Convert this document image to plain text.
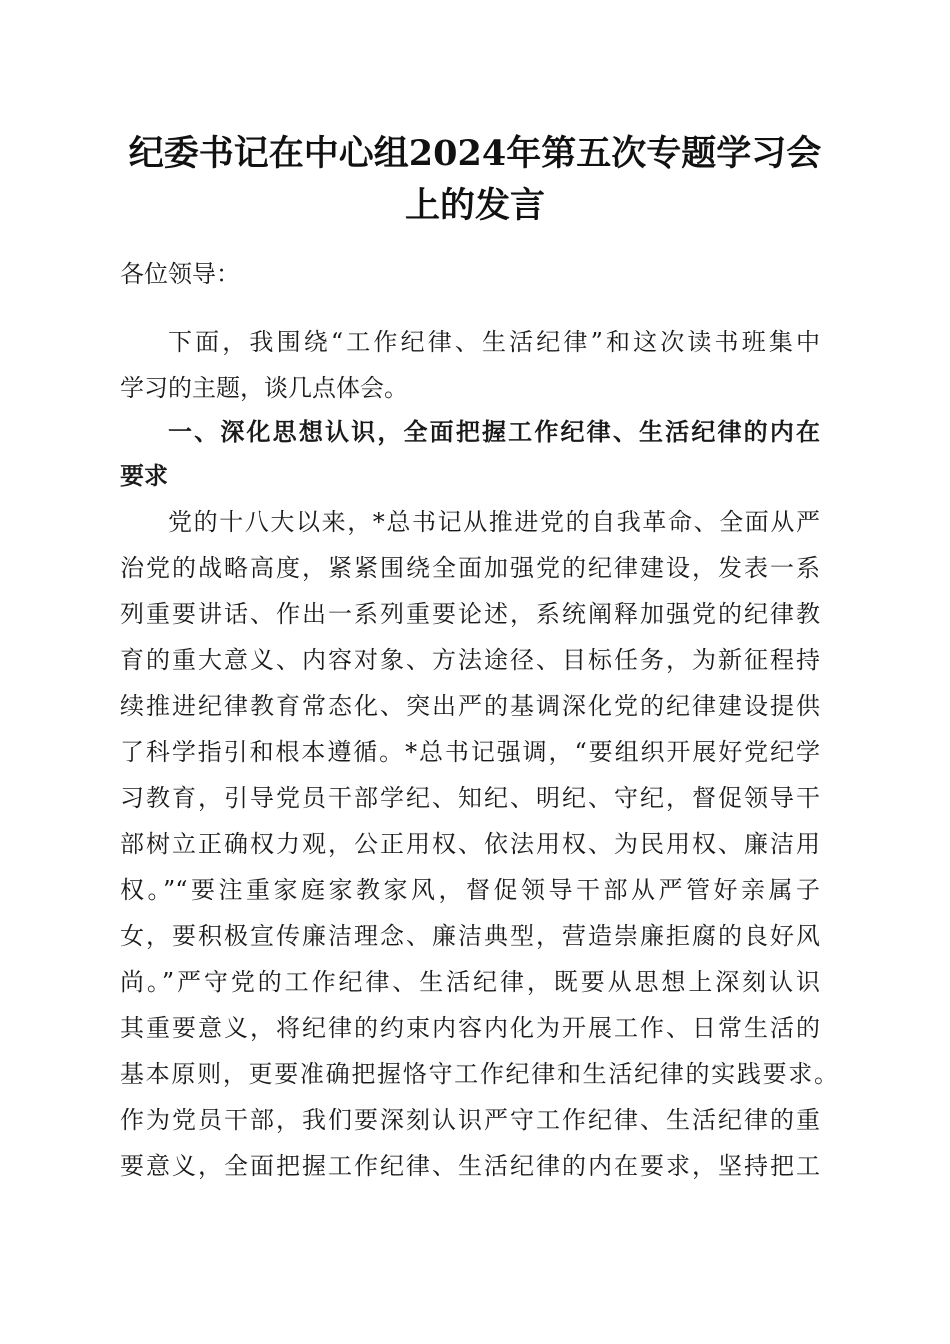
纪委书记在中心组2024年第五次专题学习会
上的发言
各位领导：
下面，我围绕“工作纪律、生活纪律”和这次读书班集中
学习的主题，谈几点体会。
一、深化思想认识，全面把握工作纪律、生活纪律的内在
要求
党的十八大以来，*总书记从推进党的自我革命、全面从严
治党的战略高度，紧紧围绕全面加强党的纪律建设，发表一系
列重要讲话、作出一系列重要论述，系统阐释加强党的纪律教
育的重大意义、内容对象、方法途径、目标任务，为新征程持
续推进纪律教育常态化、突出严的基调深化党的纪律建设提供
了科学指引和根本遵循。*总书记强调，“要组织开展好党纪学
习教育，引导党员干部学纪、知纪、明纪、守纪，督促领导干
部树立正确权力观，公正用权、依法用权、为民用权、廉洁用
权。”“要注重家庭家教家风，督促领导干部从严管好亲属子
女，要积极宣传廉洁理念、廉洁典型，营造崇廉拒腐的良好风
尚。”严守党的工作纪律、生活纪律，既要从思想上深刻认识
其重要意义，将纪律的约束内容内化为开展工作、日常生活的
基本原则，更要准确把握恪守工作纪律和生活纪律的实践要求。
作为党员干部，我们要深刻认识严守工作纪律、生活纪律的重
要意义，全面把握工作纪律、生活纪律的内在要求，坚持把工
